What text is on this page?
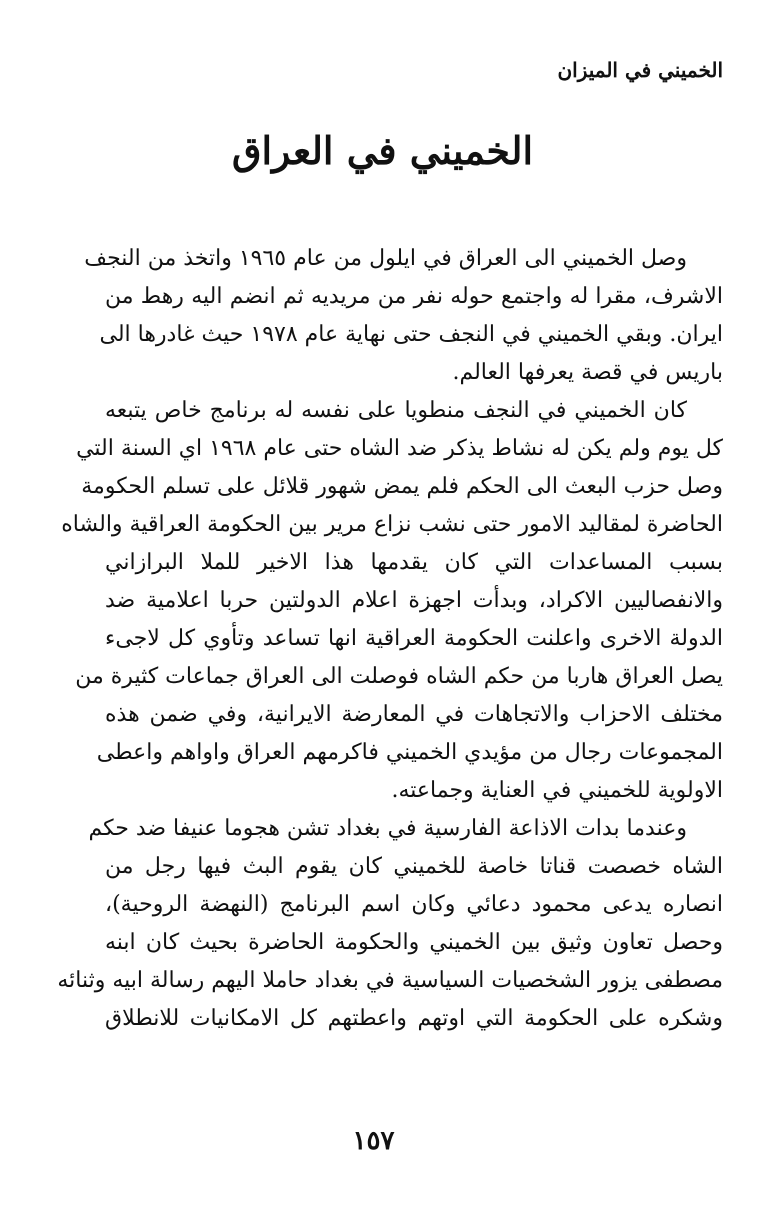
الخميني في الميزان
الخميني في العراق
وصل الخميني الى العراق في ايلول من عام ١٩٦٥ واتخذ من النجف
الاشرف، مقرا له واجتمع حوله نفر من مريديه ثم انضم اليه رهط من
ايران. وبقي الخميني في النجف حتى نهاية عام ١٩٧٨ حيث غادرها الى
باريس في قصة يعرفها العالم.
كان الخميني في النجف منطويا على نفسه له برنامج خاص يتبعه
كل يوم ولم يكن له نشاط يذكر ضد الشاه حتى عام ١٩٦٨ اي السنة التي
وصل حزب البعث الى الحكم فلم يمض شهور قلائل على تسلم الحكومة
الحاضرة لمقاليد الامور حتى نشب نزاع مرير بين الحكومة العراقية والشاه
بسبب المساعدات التي كان يقدمها هذا الاخير للملا البرازاني
والانفصاليين الاكراد، وبدأت اجهزة اعلام الدولتين حربا اعلامية ضد
الدولة الاخرى واعلنت الحكومة العراقية انها تساعد وتأوي كل لاجىء
يصل العراق هاربا من حكم الشاه فوصلت الى العراق جماعات كثيرة من
مختلف الاحزاب والاتجاهات في المعارضة الايرانية، وفي ضمن هذه
المجموعات رجال من مؤيدي الخميني فاكرمهم العراق واواهم واعطى
الاولوية للخميني في العناية وجماعته.
وعندما بدات الاذاعة الفارسية في بغداد تشن هجوما عنيفا ضد حكم
الشاه خصصت قناتا خاصة للخميني كان يقوم البث فيها رجل من
انصاره يدعى محمود دعائي وكان اسم البرنامج (النهضة الروحية)،
وحصل تعاون وثيق بين الخميني والحكومة الحاضرة بحيث كان ابنه
مصطفى يزور الشخصيات السياسية في بغداد حاملا اليهم رسالة ابيه وثنائه
وشكره على الحكومة التي اوتهم واعطتهم كل الامكانيات للانطلاق
١٥٧
